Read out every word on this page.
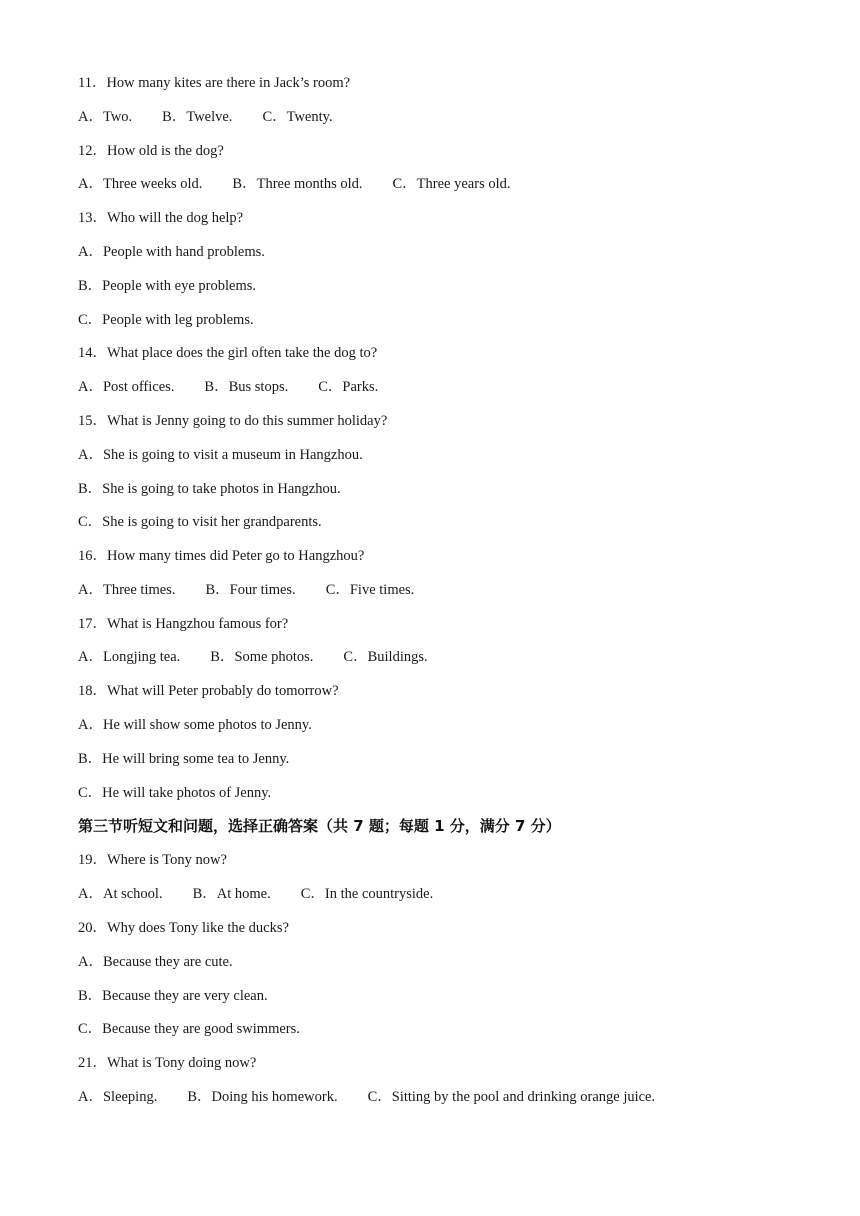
11．How many kites are there in Jack’s room?
A．Two. B．Twelve. C．Twenty.
12．How old is the dog?
A．Three weeks old. B．Three months old. C．Three years old.
13．Who will the dog help?
A．People with hand problems.
B．People with eye problems.
C．People with leg problems.
14．What place does the girl often take the dog to?
A．Post offices. B．Bus stops. C．Parks.
15．What is Jenny going to do this summer holiday?
A．She is going to visit a museum in Hangzhou.
B．She is going to take photos in Hangzhou.
C．She is going to visit her grandparents.
16．How many times did Peter go to Hangzhou?
A．Three times. B．Four times. C．Five times.
17．What is Hangzhou famous for?
A．Longjing tea. B．Some photos. C．Buildings.
18．What will Peter probably do tomorrow?
A．He will show some photos to Jenny.
B．He will bring some tea to Jenny.
C．He will take photos of Jenny.
第三节听短文和问题，选择正确答案（共 7 题；每题 1 分，满分 7 分）
19．Where is Tony now?
A．At school. B．At home. C．In the countryside.
20．Why does Tony like the ducks?
A．Because they are cute.
B．Because they are very clean.
C．Because they are good swimmers.
21．What is Tony doing now?
A．Sleeping. B．Doing his homework. C．Sitting by the pool and drinking orange juice.
